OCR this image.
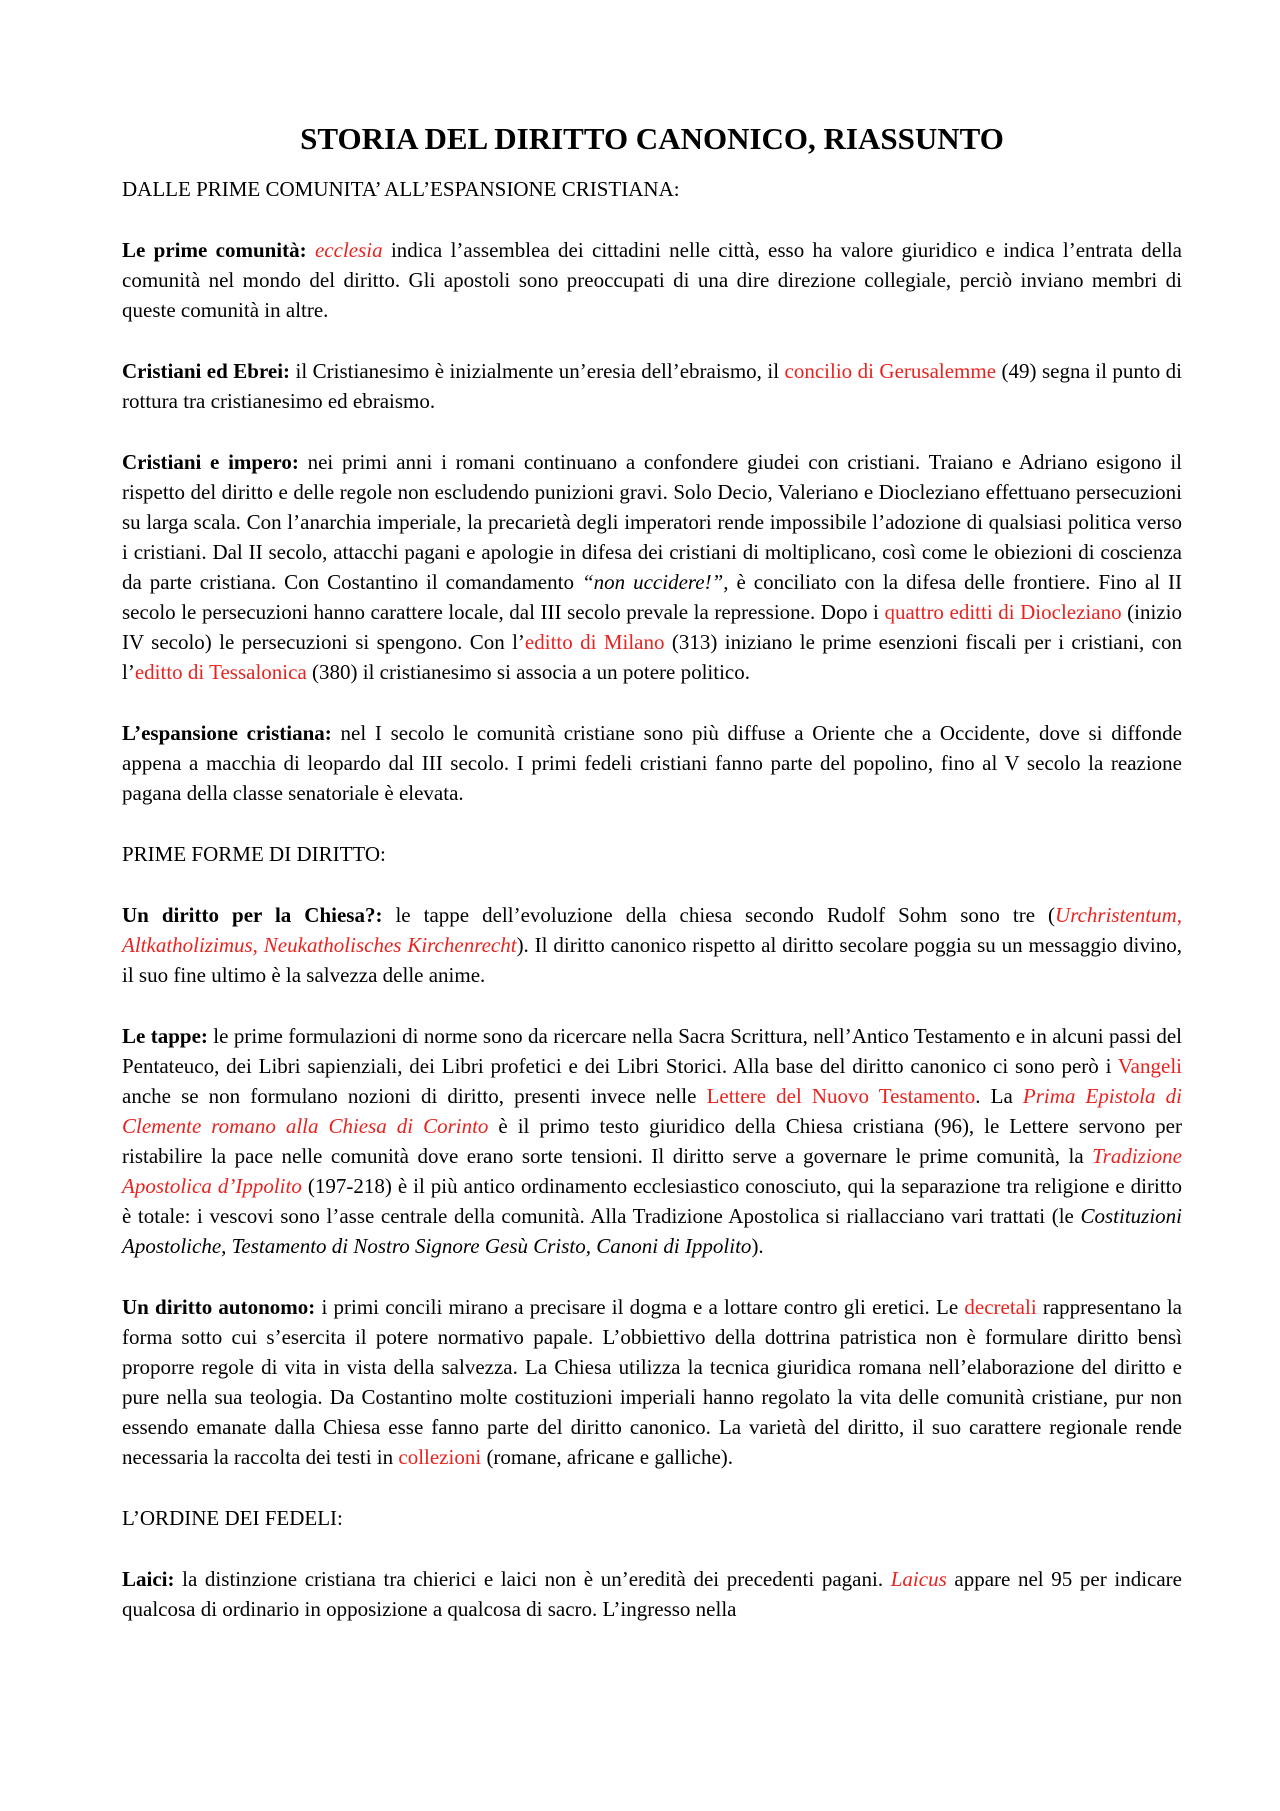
STORIA DEL DIRITTO CANONICO, RIASSUNTO
DALLE PRIME COMUNITA’ ALL’ESPANSIONE CRISTIANA:

Le prime comunità: ecclesia indica l’assemblea dei cittadini nelle città, esso ha valore giuridico e indica l’entrata della comunità nel mondo del diritto. Gli apostoli sono preoccupati di una dire direzione collegiale, perciò inviano membri di queste comunità in altre.

Cristiani ed Ebrei: il Cristianesimo è inizialmente un’eresia dell’ebraismo, il concilio di Gerusalemme (49) segna il punto di rottura tra cristianesimo ed ebraismo.

Cristiani e impero: nei primi anni i romani continuano a confondere giudei con cristiani. Traiano e Adriano esigono il rispetto del diritto e delle regole non escludendo punizioni gravi. Solo Decio, Valeriano e Diocleziano effettuano persecuzioni su larga scala. Con l’anarchia imperiale, la precarietà degli imperatori rende impossibile l’adozione di qualsiasi politica verso i cristiani. Dal II secolo, attacchi pagani e apologie in difesa dei cristiani di moltiplicano, così come le obiezioni di coscienza da parte cristiana. Con Costantino il comandamento “non uccidere!”, è conciliato con la difesa delle frontiere. Fino al II secolo le persecuzioni hanno carattere locale, dal III secolo prevale la repressione. Dopo i quattro editti di Diocleziano (inizio IV secolo) le persecuzioni si spengono. Con l’editto di Milano (313) iniziano le prime esenzioni fiscali per i cristiani, con l’editto di Tessalonica (380) il cristianesimo si associa a un potere politico.

L’espansione cristiana: nel I secolo le comunità cristiane sono più diffuse a Oriente che a Occidente, dove si diffonde appena a macchia di leopardo dal III secolo. I primi fedeli cristiani fanno parte del popolino, fino al V secolo la reazione pagana della classe senatoriale è elevata.

PRIME FORME DI DIRITTO:

Un diritto per la Chiesa?: le tappe dell’evoluzione della chiesa secondo Rudolf Sohm sono tre (Urchristentum, Altkatholizimus, Neukatholisches Kirchenrecht). Il diritto canonico rispetto al diritto secolare poggia su un messaggio divino, il suo fine ultimo è la salvezza delle anime.

Le tappe: le prime formulazioni di norme sono da ricercare nella Sacra Scrittura, nell’Antico Testamento e in alcuni passi del Pentateuco, dei Libri sapienziali, dei Libri profetici e dei Libri Storici. Alla base del diritto canonico ci sono però i Vangeli anche se non formulano nozioni di diritto, presenti invece nelle Lettere del Nuovo Testamento. La Prima Epistola di Clemente romano alla Chiesa di Corinto è il primo testo giuridico della Chiesa cristiana (96), le Lettere servono per ristabilire la pace nelle comunità dove erano sorte tensioni. Il diritto serve a governare le prime comunità, la Tradizione Apostolica d’Ippolito (197-218) è il più antico ordinamento ecclesiastico conosciuto, qui la separazione tra religione e diritto è totale: i vescovi sono l’asse centrale della comunità. Alla Tradizione Apostolica si riallacciano vari trattati (le Costituzioni Apostoliche, Testamento di Nostro Signore Gesù Cristo, Canoni di Ippolito).

Un diritto autonomo: i primi concili mirano a precisare il dogma e a lottare contro gli eretici. Le decretali rappresentano la forma sotto cui s’esercita il potere normativo papale. L’obbiettivo della dottrina patristica non è formulare diritto bensì proporre regole di vita in vista della salvezza. La Chiesa utilizza la tecnica giuridica romana nell’elaborazione del diritto e pure nella sua teologia. Da Costantino molte costituzioni imperiali hanno regolato la vita delle comunità cristiane, pur non essendo emanate dalla Chiesa esse fanno parte del diritto canonico. La varietà del diritto, il suo carattere regionale rende necessaria la raccolta dei testi in collezioni (romane, africane e galliche).

L’ORDINE DEI FEDELI:

Laici: la distinzione cristiana tra chierici e laici non è un’eredità dei precedenti pagani. Laicus appare nel 95 per indicare qualcosa di ordinario in opposizione a qualcosa di sacro. L’ingresso nella
